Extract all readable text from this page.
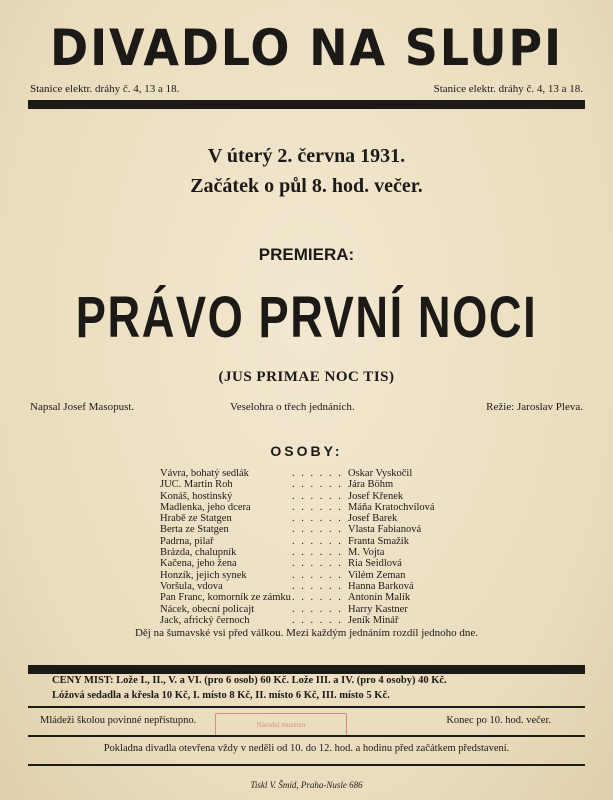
DIVADLO NA SLUPI
Stanice elektr. dráhy č. 4, 13 a 18.	Stanice elektr. dráhy č. 4, 13 a 18.
V úterý 2. června 1931.
Začátek o půl 8. hod. večer.
PREMIERA:
PRÁVO PRVNÍ NOCI
(JUS PRIMAE NOC TIS)
Napsal Josef Masopust.	Veselohra o třech jednáních.	Režie: Jaroslav Pleva.
OSOBY:
Vávra, bohatý sedlák	. . . . . . Oskar Vyskočil
JUC. Martin Roh	. . . . . . Jára Böhm
Konáš, hostinský	. . . . . . Josef Křenek
Madlenka, jeho dcera	. . . . . . Máňa Kratochvílová
Hrabě ze Statgen	. . . . . . Josef Barek
Berta ze Statgen	. . . . . . Vlasta Fabianová
Padrna, pilař	. . . . . . Franta Smažík
Brázda, chalupník	. . . . . . M. Vojta
Kačena, jeho žena	. . . . . . Ria Seidlová
Honzík, jejich synek	. . . . . . Vilém Zeman
Voršula, vdova	. . . . . . Hanna Barková
Pan Franc, komorník ze zámku . . . . . . Antonín Malík
Nácek, obecní policajt	. . . . . . Harry Kastner
Jack, africký černoch	. . . . . . Jeník Minář
Děj na šumavské vsi před válkou. Mezi každým jednáním rozdíl jednoho dne.
CENY MIST: Lože I., II., V. a VI. (pro 6 osob) 60 Kč. Lože III. a IV. (pro 4 osoby) 40 Kč.
Lóžová sedadla a křesla 10 Kč, I. místo 8 Kč, II. místo 6 Kč, III. místo 5 Kč.
Mládeži školou povinné nepřístupno.	Národní muzeum	Konec po 10. hod. večer.
Pokladna divadla otevřena vždy v neděli od 10. do 12. hod. a hodinu před začátkem představení.
Tiskl V. Šmíd, Praha-Nusle 686
